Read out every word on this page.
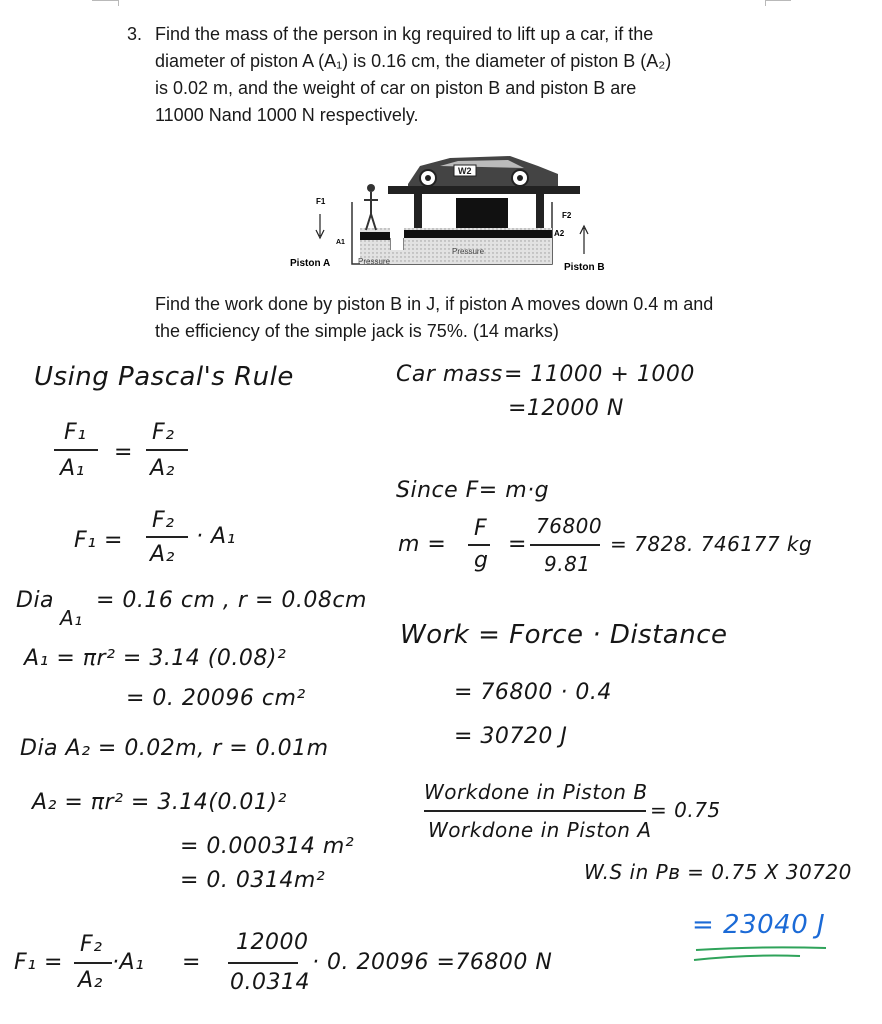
3. Find the mass of the person in kg required to lift up a car, if the
diameter of piston A (A₁) is 0.16 cm, the diameter of piston B (A₂)
is 0.02 m, and the weight of car on piston B and piston B are
11000 Nand 1000 N respectively.
W2
F1
A1
F2
A2
Piston A	Piston B
Pressure
Pressure
Find the work done by piston B in J, if piston A moves down 0.4 m and
the efficiency of the simple jack is 75%. (14 marks)
Using Pascal's Rule
F₁
A₁
=
F₂
A₂
F₁ =
F₂
A₂
· A₁
Dia
A₁
= 0.16 cm , r = 0.08cm
A₁ = πr² = 3.14 (0.08)²
= 0. 20096 cm²
Dia A₂ = 0.02m, r = 0.01m
A₂ = πr² = 3.14(0.01)²
= 0.000314 m²
= 0. 0314m²
F₁ =
F₂
A₂
·A₁ =
12000
0.0314
· 0. 20096 =76800 N
Car mass = 11000 + 1000
=12000 N
Since F= m·g
m =
F
g
=
76800
9.81
= 7828. 746177 kg
Work = Force · Distance
= 76800 · 0.4
= 30720 J
Workdone in Piston B
Workdone in Piston A
= 0.75
W.S in Pʙ = 0.75 X 30720
= 23040 J
